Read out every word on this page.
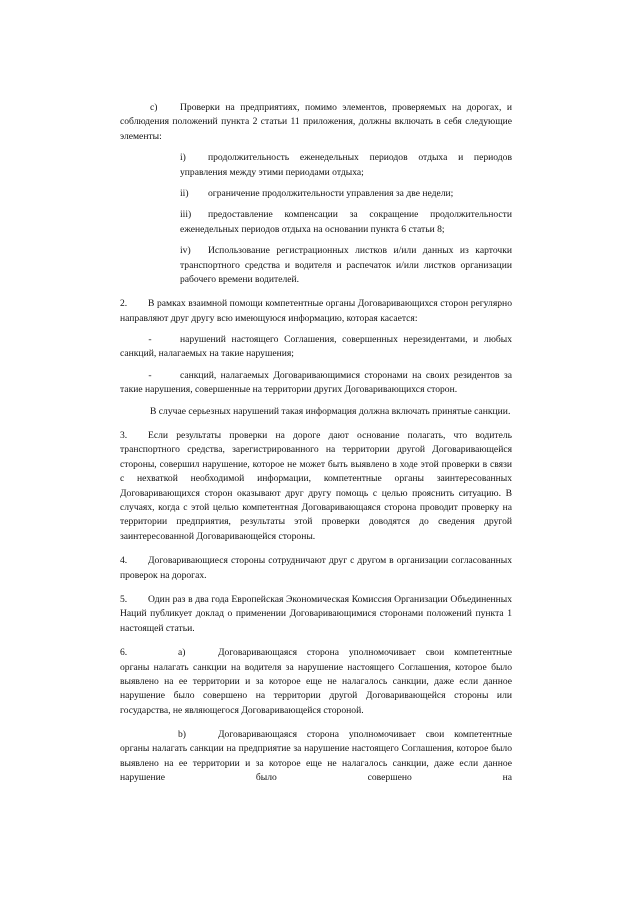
c) Проверки на предприятиях, помимо элементов, проверяемых на дорогах, и соблюдения положений пункта 2 статьи 11 приложения, должны включать в себя следующие элементы:

i) продолжительность еженедельных периодов отдыха и периодов управления между этими периодами отдыха;

ii) ограничение продолжительности управления за две недели;

iii) предоставление компенсации за сокращение продолжительности еженедельных периодов отдыха на основании пункта 6 статьи 8;

iv) Использование регистрационных листков и/или данных из карточки транспортного средства и водителя и распечаток и/или листков организации рабочего времени водителей.

2. В рамках взаимной помощи компетентные органы Договаривающихся сторон регулярно направляют друг другу всю имеющуюся информацию, которая касается:

-	нарушений настоящего Соглашения, совершенных нерезидентами, и любых санкций, налагаемых на такие нарушения;

-	санкций, налагаемых Договаривающимися сторонами на своих резидентов за такие нарушения, совершенные на территории других Договаривающихся сторон.

В случае серьезных нарушений такая информация должна включать принятые санкции.

3. Если результаты проверки на дороге дают основание полагать, что водитель транспортного средства, зарегистрированного на территории другой Договаривающейся стороны, совершил нарушение, которое не может быть выявлено в ходе этой проверки в связи с нехваткой необходимой информации, компетентные органы заинтересованных Договаривающихся сторон оказывают друг другу помощь с целью прояснить ситуацию. В случаях, когда с этой целью компетентная Договаривающаяся сторона проводит проверку на территории предприятия, результаты этой проверки доводятся до сведения другой заинтересованной Договаривающейся стороны.

4. Договаривающиеся стороны сотрудничают друг с другом в организации согласованных проверок на дорогах.

5. Один раз в два года Европейская Экономическая Комиссия Организации Объединенных Наций публикует доклад о применении Договаривающимися сторонами положений пункта 1 настоящей статьи.

6.	a)	Договаривающаяся сторона уполномочивает свои компетентные органы налагать санкции на водителя за нарушение настоящего Соглашения, которое было выявлено на ее территории и за которое еще не налагалось санкции, даже если данное нарушение было совершено на территории другой Договаривающейся стороны или государства, не являющегося Договаривающейся стороной.

b)	Договаривающаяся сторона уполномочивает свои компетентные органы налагать санкции на предприятие за нарушение настоящего Соглашения, которое было выявлено на ее территории и за которое еще не налагалось санкции, даже если данное нарушение было совершено на
